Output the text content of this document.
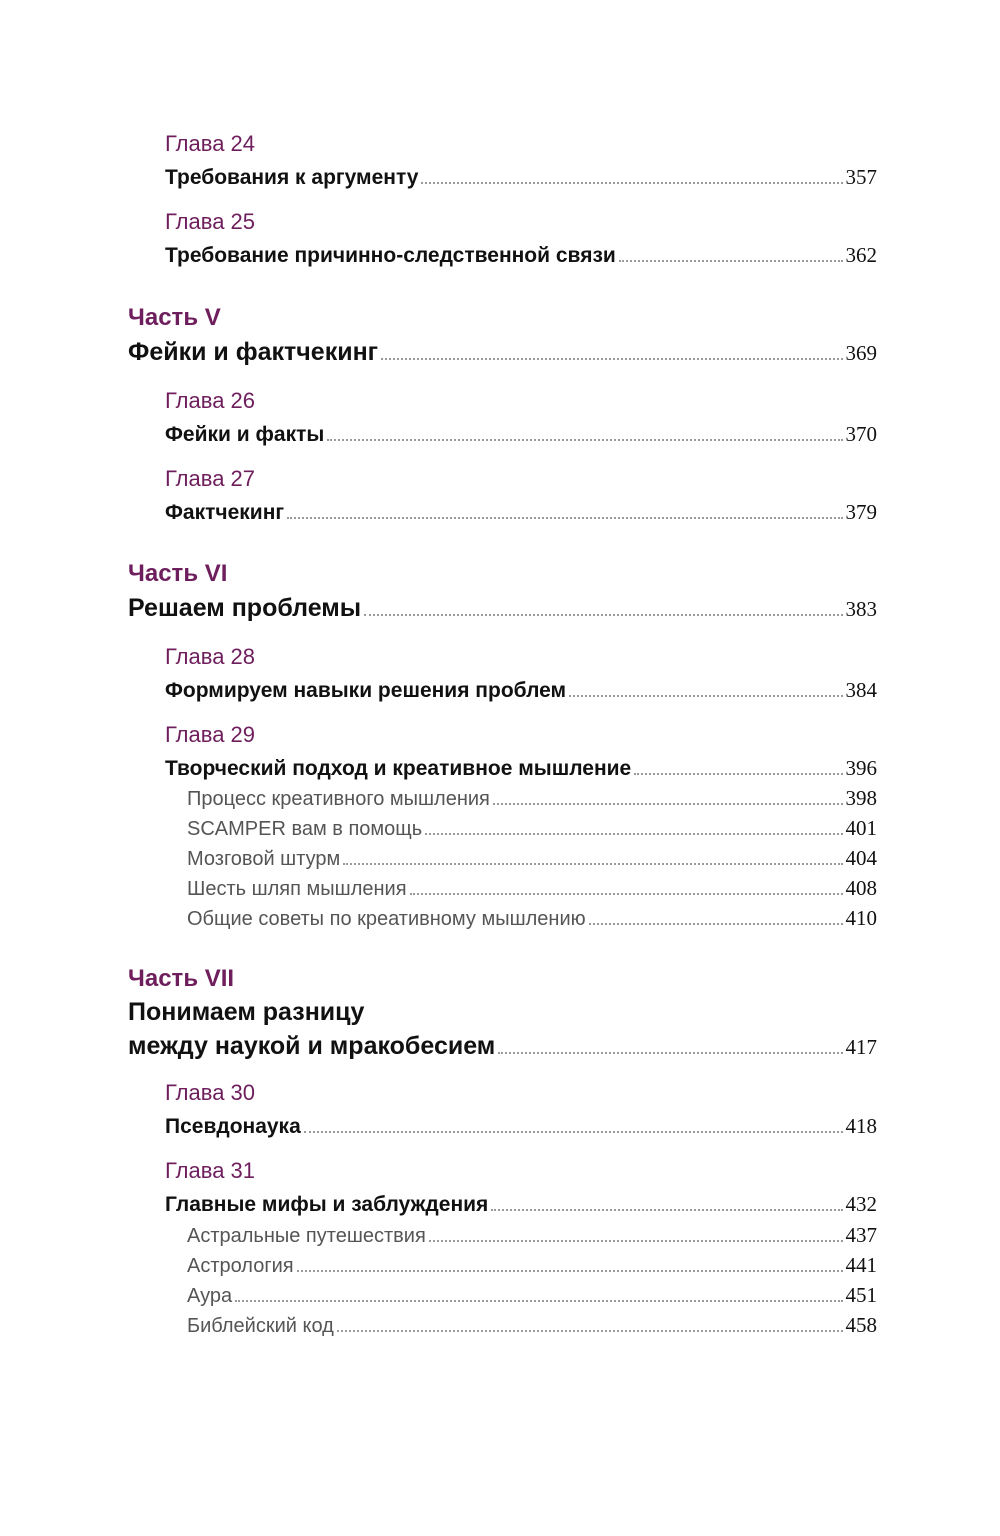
Глава 24
Требования к аргументу	357
Глава 25
Требование причинно-следственной связи	362
Часть V
Фейки и фактчекинг	369
Глава 26
Фейки и факты	370
Глава 27
Фактчекинг	379
Часть VI
Решаем проблемы	383
Глава 28
Формируем навыки решения проблем	384
Глава 29
Творческий подход и креативное мышление	396
Процесс креативного мышления	398
SCAMPER вам в помощь	401
Мозговой штурм	404
Шесть шляп мышления	408
Общие советы по креативному мышлению	410
Часть VII
Понимаем разницу
между наукой и мракобесием	417
Глава 30
Псевдонаука	418
Глава 31
Главные мифы и заблуждения	432
Астральные путешествия	437
Астрология	441
Аура	451
Библейский код	458
